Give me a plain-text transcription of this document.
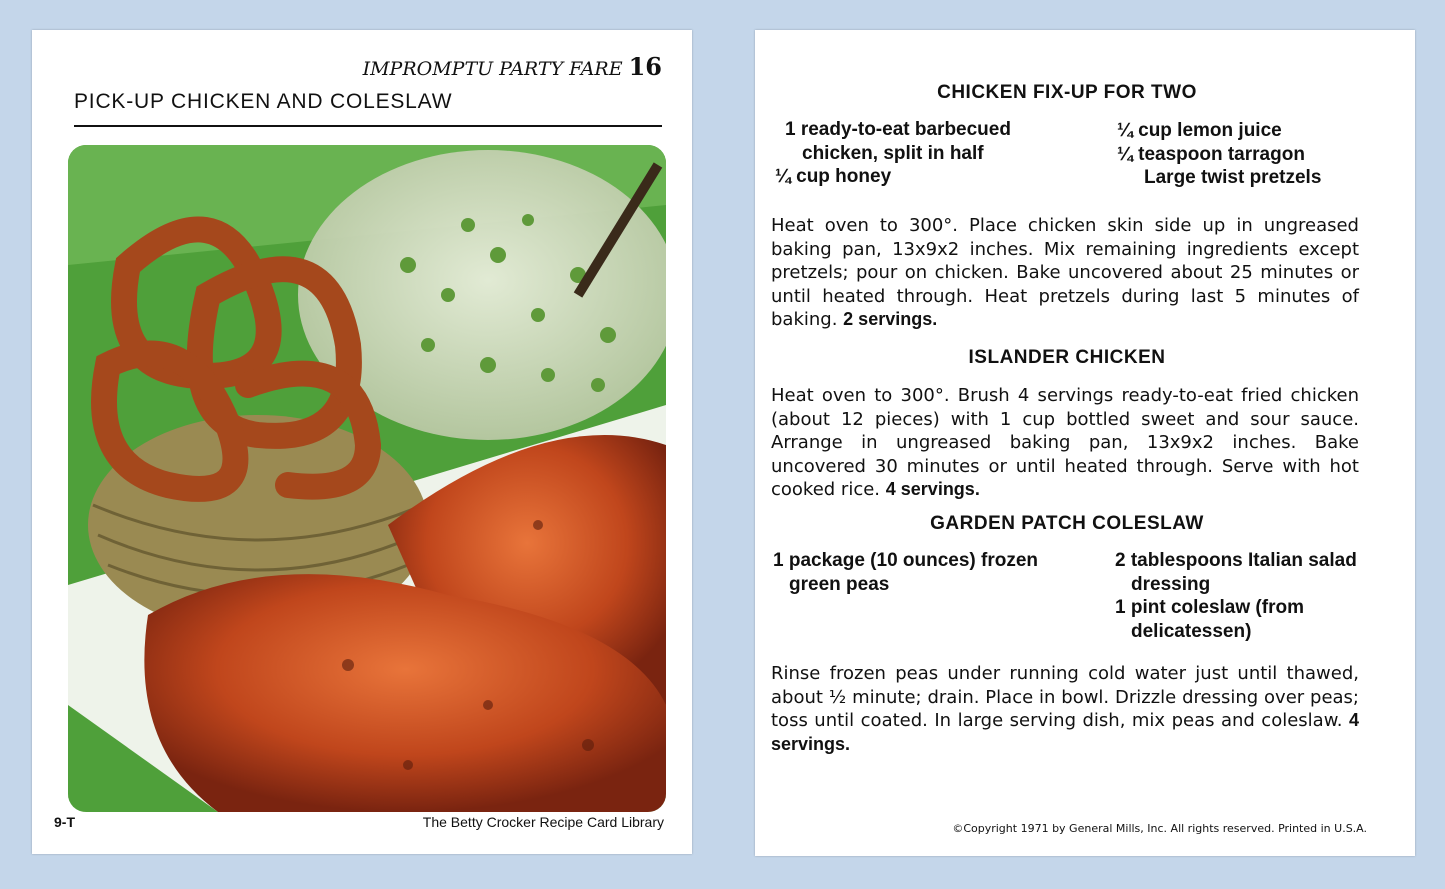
IMPROMPTU PARTY FARE 16
PICK-UP CHICKEN AND COLESLAW
9-T	The Betty Crocker Recipe Card Library
CHICKEN FIX-UP FOR TWO
1 ready-to-eat barbecued
chicken, split in half
¼ cup honey
¼ cup lemon juice
¼ teaspoon tarragon
Large twist pretzels
Heat oven to 300°. Place chicken skin side up in ungreased baking pan, 13x9x2 inches. Mix remaining ingredients except pretzels; pour on chicken. Bake uncovered about 25 minutes or until heated through. Heat pretzels during last 5 minutes of baking. 2 servings.
ISLANDER CHICKEN
Heat oven to 300°. Brush 4 servings ready-to-eat fried chicken (about 12 pieces) with 1 cup bottled sweet and sour sauce. Arrange in ungreased baking pan, 13x9x2 inches. Bake uncovered 30 minutes or until heated through. Serve with hot cooked rice. 4 servings.
GARDEN PATCH COLESLAW
1 package (10 ounces) frozen
green peas
2 tablespoons Italian salad
dressing
1 pint coleslaw (from
delicatessen)
Rinse frozen peas under running cold water just until thawed, about ½ minute; drain. Place in bowl. Drizzle dressing over peas; toss until coated. In large serving dish, mix peas and coleslaw. 4 servings.
©Copyright 1971 by General Mills, Inc. All rights reserved. Printed in U.S.A.
